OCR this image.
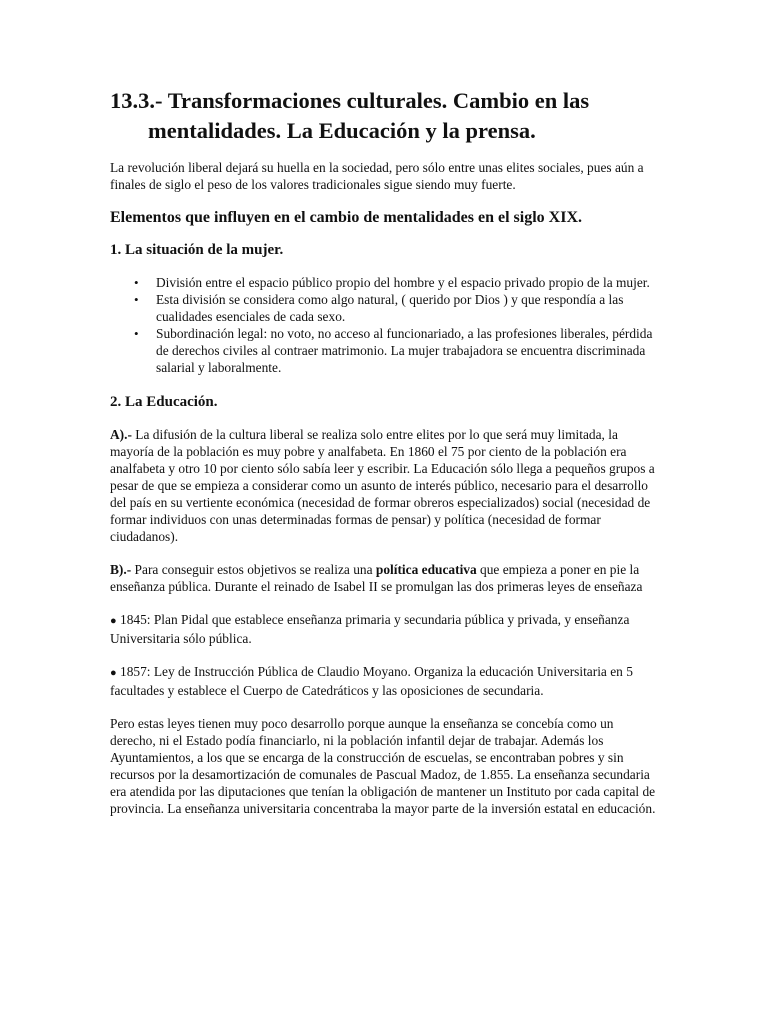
13.3.- Transformaciones culturales. Cambio en las mentalidades. La Educación y la prensa.

La revolución liberal dejará su huella en la sociedad, pero sólo entre unas elites sociales, pues aún a finales de siglo el peso de los valores tradicionales sigue siendo muy fuerte.

Elementos que influyen en el cambio de mentalidades en el siglo XIX.
1. La situación de la mujer.
• División entre el espacio público propio del hombre y el espacio privado propio de la mujer.
• Esta división se considera como algo natural, ( querido por Dios ) y que respondía a las cualidades esenciales de cada sexo.
• Subordinación legal: no voto, no acceso al funcionariado, a las profesiones liberales, pérdida de derechos civiles al contraer matrimonio. La mujer trabajadora se encuentra discriminada salarial y laboralmente.
2. La Educación.

A).- La difusión de la cultura liberal se realiza solo entre elites por lo que será muy limitada, la mayoría de la población es muy pobre y analfabeta. En 1860 el 75 por ciento de la población era analfabeta y otro 10 por ciento sólo sabía leer y escribir. La Educación sólo llega a pequeños grupos a pesar de que se empieza a considerar como un asunto de interés público, necesario para el desarrollo del país en su vertiente económica (necesidad de formar obreros especializados) social (necesidad de formar individuos con unas determinadas formas de pensar) y política (necesidad de formar ciudadanos).

B).- Para conseguir estos objetivos se realiza una política educativa que empieza a poner en pie la enseñanza pública. Durante el reinado de Isabel II se promulgan las dos primeras leyes de enseñaza

● 1845: Plan Pidal que establece enseñanza primaria y secundaria pública y privada, y enseñanza Universitaria sólo pública.

● 1857: Ley de Instrucción Pública de Claudio Moyano. Organiza la educación Universitaria en 5 facultades y establece el Cuerpo de Catedráticos y las oposiciones de secundaria.

Pero estas leyes tienen muy poco desarrollo porque aunque la enseñanza se concebía como un derecho, ni el Estado podía financiarlo, ni la población infantil dejar de trabajar. Además los Ayuntamientos, a los que se encarga de la construcción de escuelas, se encontraban pobres y sin recursos por la desamortización de comunales de Pascual Madoz, de 1.855. La enseñanza secundaria era atendida por las diputaciones que tenían la obligación de mantener un Instituto por cada capital de provincia. La enseñanza universitaria concentraba la mayor parte de la inversión estatal en educación.
